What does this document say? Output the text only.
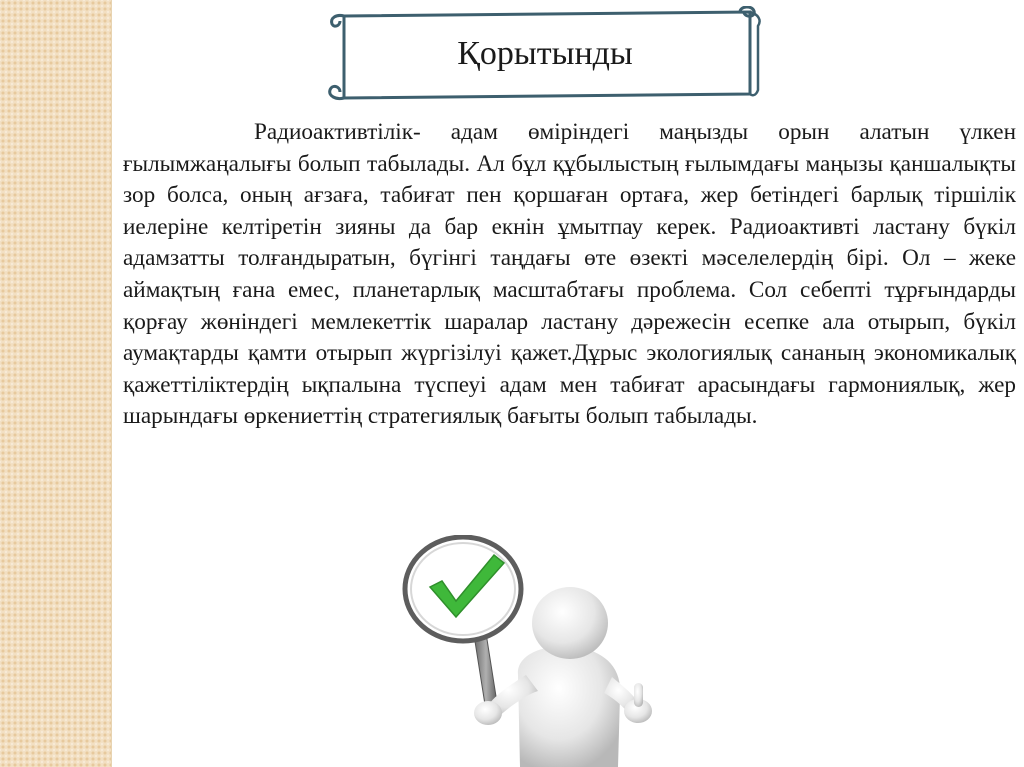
Қорытынды

Радиоактивтілік- адам өміріндегі маңызды орын алатын үлкен ғылымжаңалығы болып табылады. Ал бұл құбылыстың ғылымдағы маңызы қаншалықты зор болса, оның ағзаға, табиғат пен қоршаған ортаға, жер бетіндегі барлық тіршілік иелеріне келтіретін зияны да бар екнін ұмытпау керек. Радиоактивті ластану бүкіл адамзатты толғандыратын, бүгінгі таңдағы өте өзекті мәселелердің бірі. Ол – жеке аймақтың ғана емес, планетарлық масштабтағы проблема. Сол себепті тұрғындарды қорғау жөніндегі мемлекеттік шаралар ластану дәрежесін есепке ала отырып, бүкіл аумақтарды қамти отырып жүргізілуі қажет.Дұрыс экологиялық сананың экономикалық қажеттіліктердің ықпалына түспеуі адам мен табиғат арасындағы гармониялық, жер шарындағы өркениеттің стратегиялық бағыты болып табылады.
